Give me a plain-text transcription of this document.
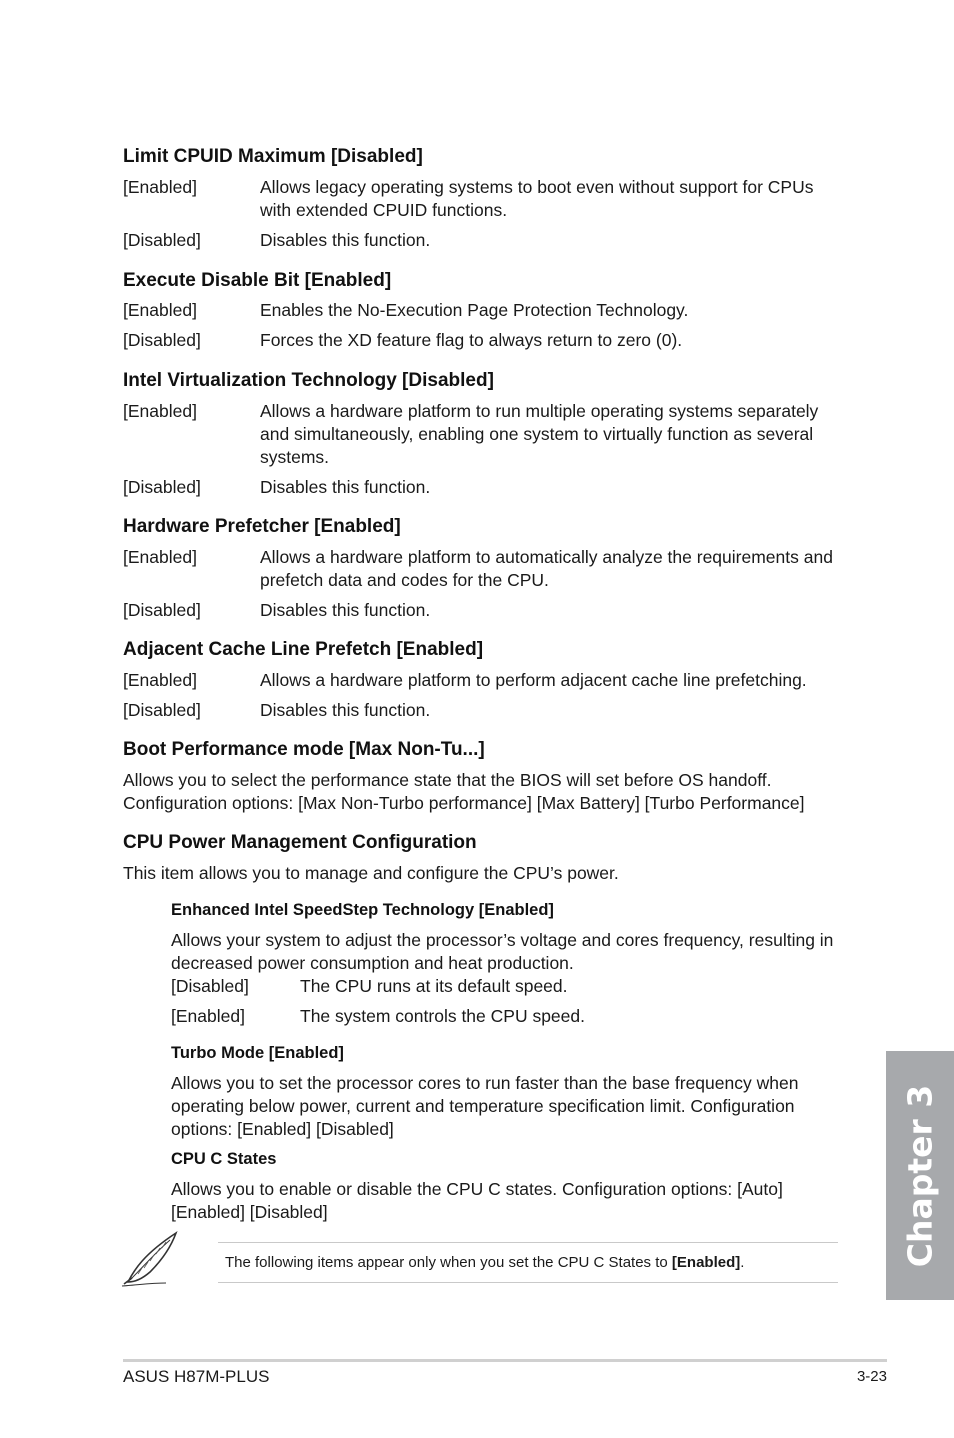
Limit CPUID Maximum [Disabled]
[Enabled]	Allows legacy operating systems to boot even without support for CPUs with extended CPUID functions.
[Disabled]	Disables this function.
Execute Disable Bit [Enabled]
[Enabled]	Enables the No-Execution Page Protection Technology.
[Disabled]	Forces the XD feature flag to always return to zero (0).
Intel Virtualization Technology [Disabled]
[Enabled]	Allows a hardware platform to run multiple operating systems separately and simultaneously, enabling one system to virtually function as several systems.
[Disabled]	Disables this function.
Hardware Prefetcher [Enabled]
[Enabled]	Allows a hardware platform to automatically analyze the requirements and prefetch data and codes for the CPU.
[Disabled]	Disables this function.
Adjacent Cache Line Prefetch [Enabled]
[Enabled]	Allows a hardware platform to perform adjacent cache line prefetching.
[Disabled]	Disables this function.
Boot Performance mode [Max Non-Tu...]
Allows you to select the performance state that the BIOS will set before OS handoff.
Configuration options: [Max Non-Turbo performance] [Max Battery] [Turbo Performance]
CPU Power Management Configuration
This item allows you to manage and configure the CPU’s power.
Enhanced Intel SpeedStep Technology [Enabled]
Allows your system to adjust the processor’s voltage and cores frequency, resulting in decreased power consumption and heat production.
[Disabled]	The CPU runs at its default speed.
[Enabled]	The system controls the CPU speed.
Turbo Mode [Enabled]
Allows you to set the processor cores to run faster than the base frequency when operating below power, current and temperature specification limit. Configuration options: [Enabled] [Disabled]
CPU C States
Allows you to enable or disable the CPU C states. Configuration options: [Auto] [Enabled] [Disabled]
The following items appear only when you set the CPU C States to [Enabled].	Chapter 3
ASUS H87M-PLUS	3-23
